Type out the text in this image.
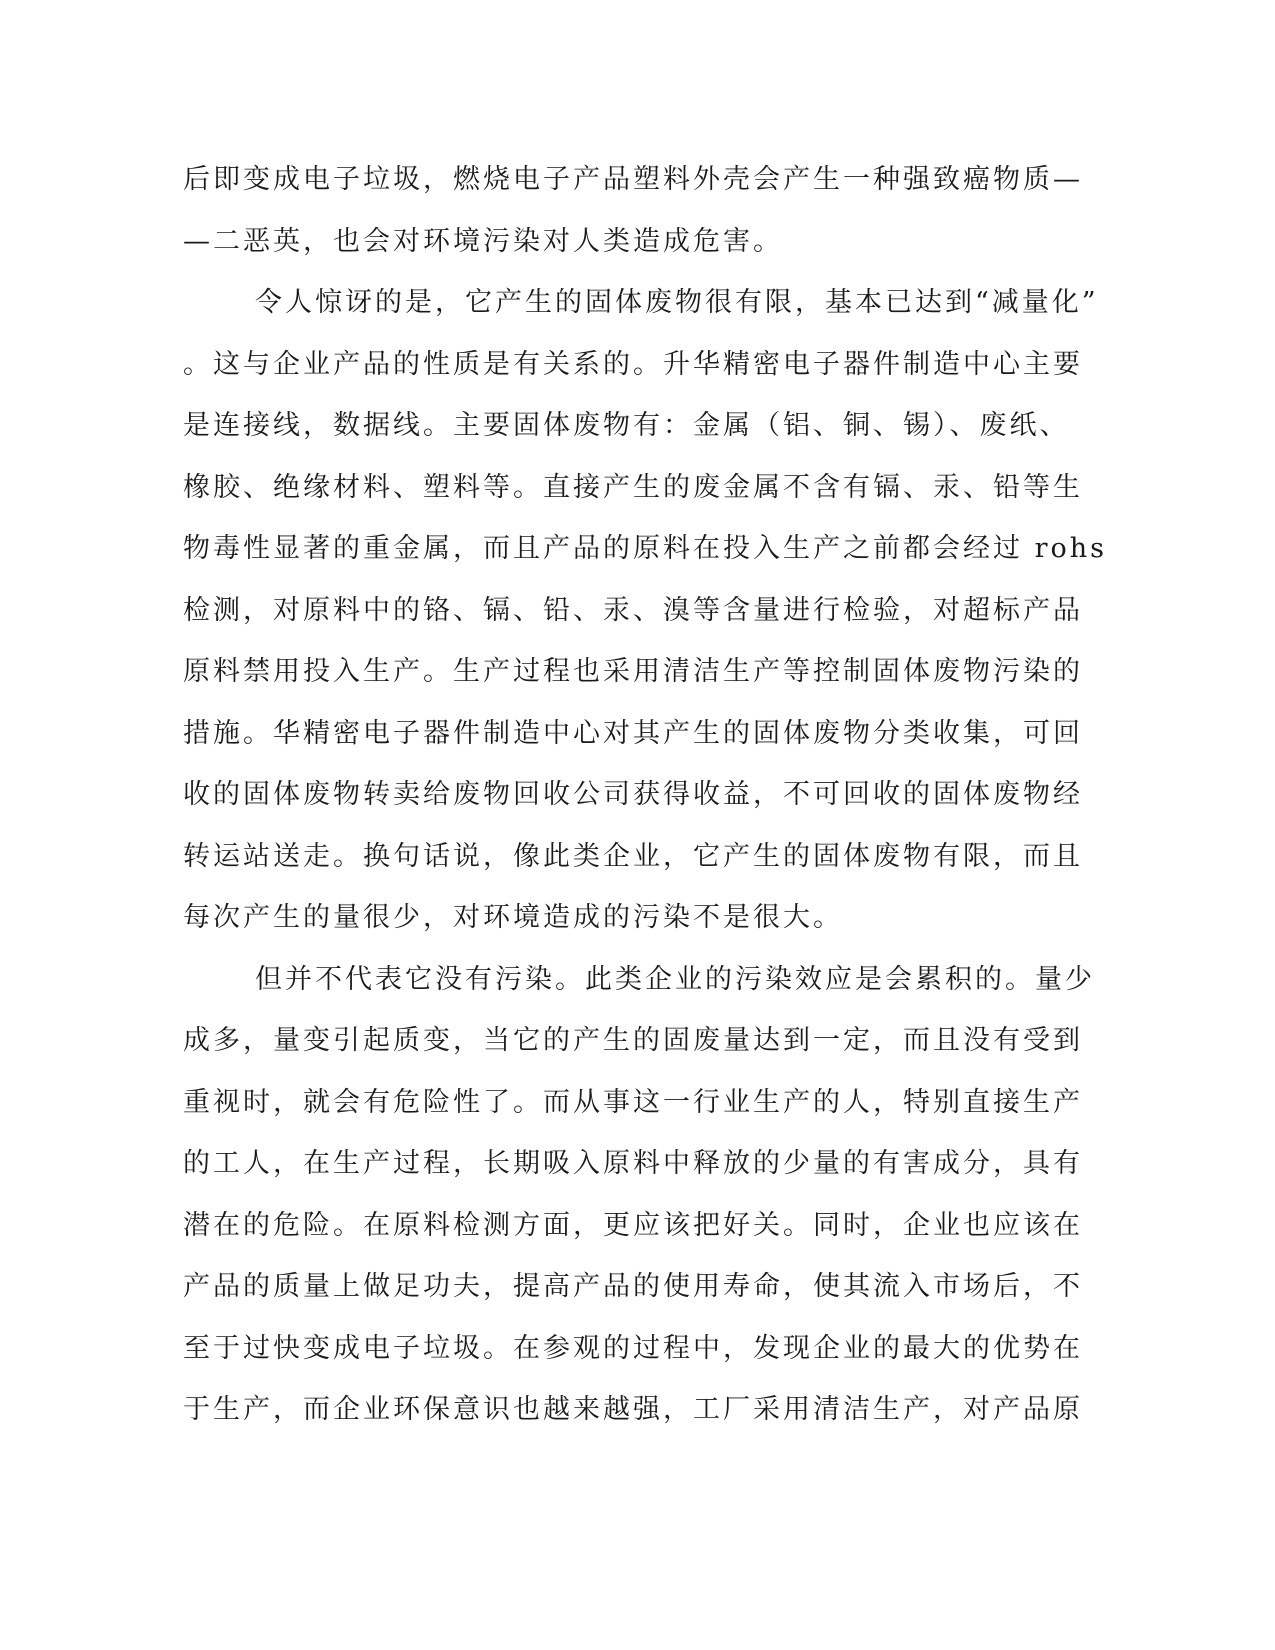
后即变成电子垃圾，燃烧电子产品塑料外壳会产生一种强致癌物质—
—二恶英，也会对环境污染对人类造成危害。
令人惊讶的是，它产生的固体废物很有限，基本已达到“减量化”
。这与企业产品的性质是有关系的。升华精密电子器件制造中心主要
是连接线，数据线。主要固体废物有：金属（铝、铜、锡）、废纸、
橡胶、绝缘材料、塑料等。直接产生的废金属不含有镉、汞、铅等生
物毒性显著的重金属，而且产品的原料在投入生产之前都会经过 rohs
检测，对原料中的铬、镉、铅、汞、溴等含量进行检验，对超标产品
原料禁用投入生产。生产过程也采用清洁生产等控制固体废物污染的
措施。华精密电子器件制造中心对其产生的固体废物分类收集，可回
收的固体废物转卖给废物回收公司获得收益，不可回收的固体废物经
转运站送走。换句话说，像此类企业，它产生的固体废物有限，而且
每次产生的量很少，对环境造成的污染不是很大。
但并不代表它没有污染。此类企业的污染效应是会累积的。量少
成多，量变引起质变，当它的产生的固废量达到一定，而且没有受到
重视时，就会有危险性了。而从事这一行业生产的人，特别直接生产
的工人，在生产过程，长期吸入原料中释放的少量的有害成分，具有
潜在的危险。在原料检测方面，更应该把好关。同时，企业也应该在
产品的质量上做足功夫，提高产品的使用寿命，使其流入市场后，不
至于过快变成电子垃圾。在参观的过程中，发现企业的最大的优势在
于生产，而企业环保意识也越来越强，工厂采用清洁生产，对产品原
